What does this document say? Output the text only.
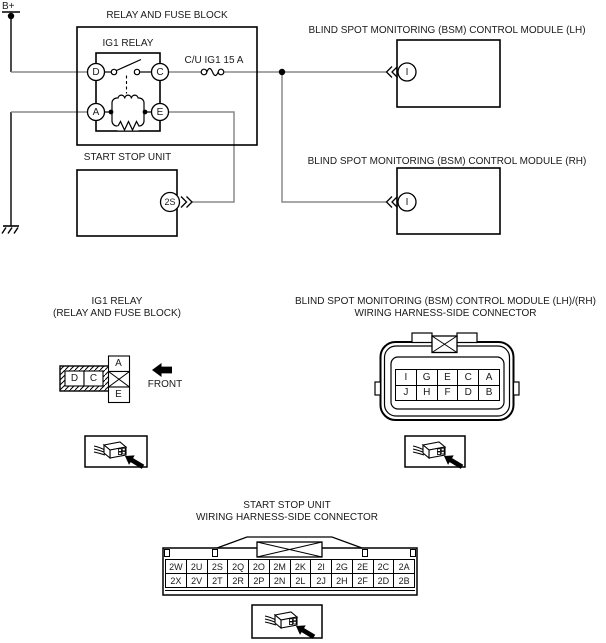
B+
RELAY AND FUSE BLOCK
IG1 RELAY
C/U IG1 15 A
BLIND SPOT MONITORING (BSM) CONTROL MODULE (LH)
BLIND SPOT MONITORING (BSM) CONTROL MODULE (RH)
START STOP UNIT
D	C
A	E
I
I
2S
IG1 RELAY
(RELAY AND FUSE BLOCK)
D	C
A
E
FRONT
BLIND SPOT MONITORING (BSM) CONTROL MODULE (LH)/(RH)
WIRING HARNESS-SIDE CONNECTOR
I	G	E	C	A
J	H	F	D	B
START STOP UNIT
WIRING HARNESS-SIDE CONNECTOR
2W 2U	2S	2Q 2O 2M 2K	2I	2G	2E	2C	2A
2X	2V	2T	2R	2P	2N	2L	2J	2H	2F	2D	2B
